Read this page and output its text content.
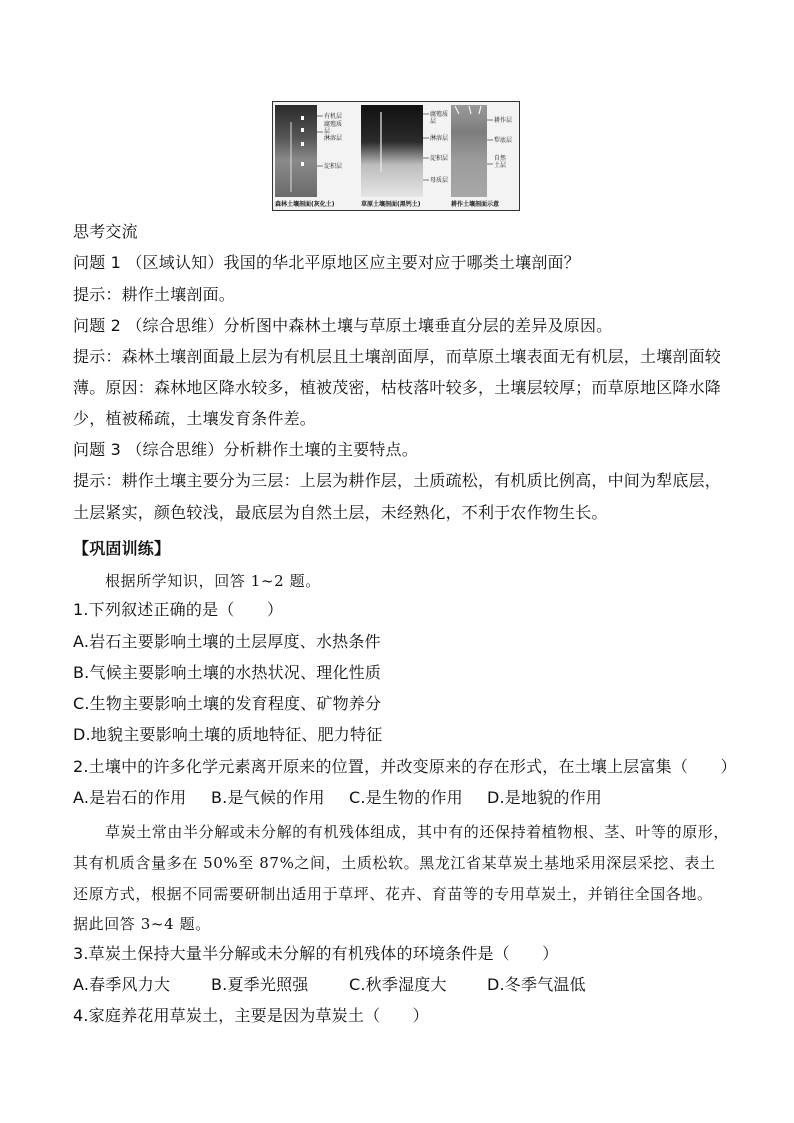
有机层
腐殖质
层
淋溶层
淀积层
腐殖质
层
淋溶层
淀积层
母质层
耕作层
犁底层
自然
土层
森林土壤剖面(灰化土)	草原土壤剖面(黑钙土)	耕作土壤剖面示意
思考交流
问题 1 （区域认知）我国的华北平原地区应主要对应于哪类土壤剖面？
提示：耕作土壤剖面。
问题 2 （综合思维）分析图中森林土壤与草原土壤垂直分层的差异及原因。
提示：森林土壤剖面最上层为有机层且土壤剖面厚，而草原土壤表面无有机层，土壤剖面较
薄。原因：森林地区降水较多，植被茂密，枯枝落叶较多，土壤层较厚；而草原地区降水降
少，植被稀疏，土壤发育条件差。
问题 3 （综合思维）分析耕作土壤的主要特点。
提示：耕作土壤主要分为三层：上层为耕作层，土质疏松，有机质比例高，中间为犁底层，
土层紧实，颜色较浅，最底层为自然土层，未经熟化，不利于农作物生长。
【巩固训练】
根据所学知识，回答 1~2 题。
1.下列叙述正确的是（　　）
A.岩石主要影响土壤的土层厚度、水热条件
B.气候主要影响土壤的水热状况、理化性质
C.生物主要影响土壤的发育程度、矿物养分
D.地貌主要影响土壤的质地特征、肥力特征
2.土壤中的许多化学元素离开原来的位置，并改变原来的存在形式，在土壤上层富集（　　）
A.是岩石的作用 B.是气候的作用 C.是生物的作用 D.是地貌的作用
草炭土常由半分解或未分解的有机残体组成，其中有的还保持着植物根、茎、叶等的原形，
其有机质含量多在 50%至 87%之间，土质松软。黑龙江省某草炭土基地采用深层采挖、表土
还原方式，根据不同需要研制出适用于草坪、花卉、育苗等的专用草炭土，并销往全国各地。
据此回答 3~4 题。
3.草炭土保持大量半分解或未分解的有机残体的环境条件是（　　）
A.春季风力大	B.夏季光照强	C.秋季湿度大	D.冬季气温低
4.家庭养花用草炭土，主要是因为草炭土（　　）
